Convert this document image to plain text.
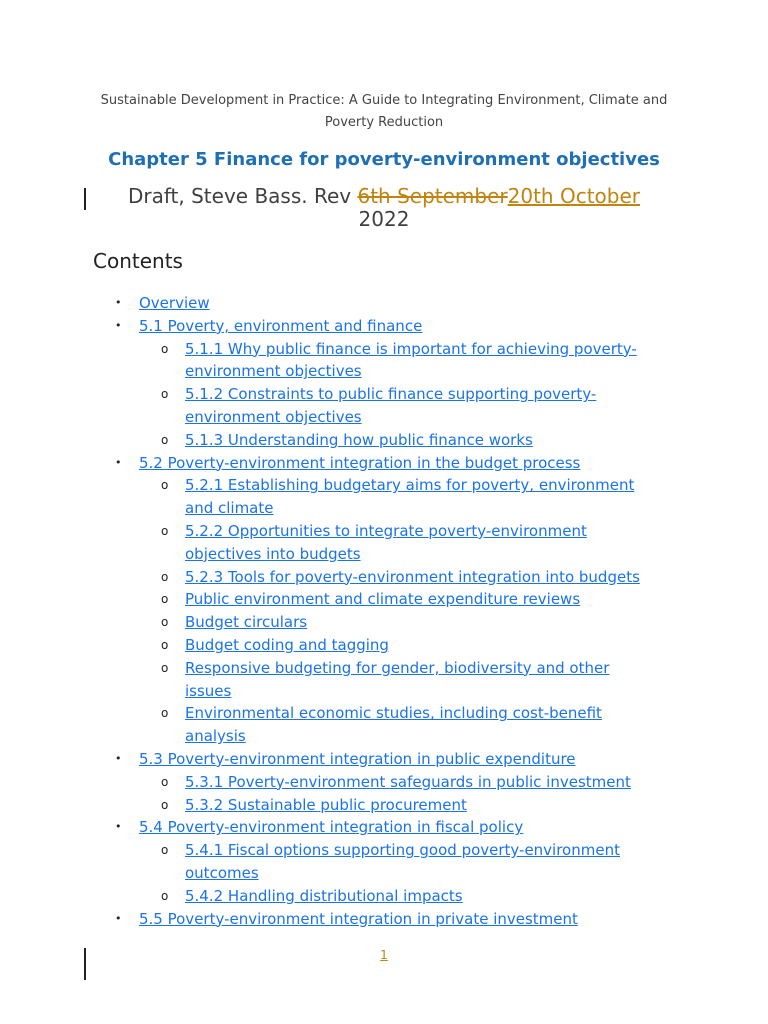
Sustainable Development in Practice: A Guide to Integrating Environment, Climate and Poverty Reduction
Chapter 5 Finance for poverty-environment objectives
Draft, Steve Bass. Rev 6th September20th October
2022
Contents
• Overview
• 5.1 Poverty, environment and finance
o 5.1.1 Why public finance is important for achieving poverty-environment objectives
o 5.1.2 Constraints to public finance supporting poverty-environment objectives
o 5.1.3 Understanding how public finance works
• 5.2 Poverty-environment integration in the budget process
o 5.2.1 Establishing budgetary aims for poverty, environment and climate
o 5.2.2 Opportunities to integrate poverty-environment objectives into budgets
o 5.2.3 Tools for poverty-environment integration into budgets
o Public environment and climate expenditure reviews
o Budget circulars
o Budget coding and tagging
o Responsive budgeting for gender, biodiversity and other issues
o Environmental economic studies, including cost-benefit analysis
• 5.3 Poverty-environment integration in public expenditure
o 5.3.1 Poverty-environment safeguards in public investment
o 5.3.2 Sustainable public procurement
• 5.4 Poverty-environment integration in fiscal policy
o 5.4.1 Fiscal options supporting good poverty-environment outcomes
o 5.4.2 Handling distributional impacts
• 5.5 Poverty-environment integration in private investment
1
